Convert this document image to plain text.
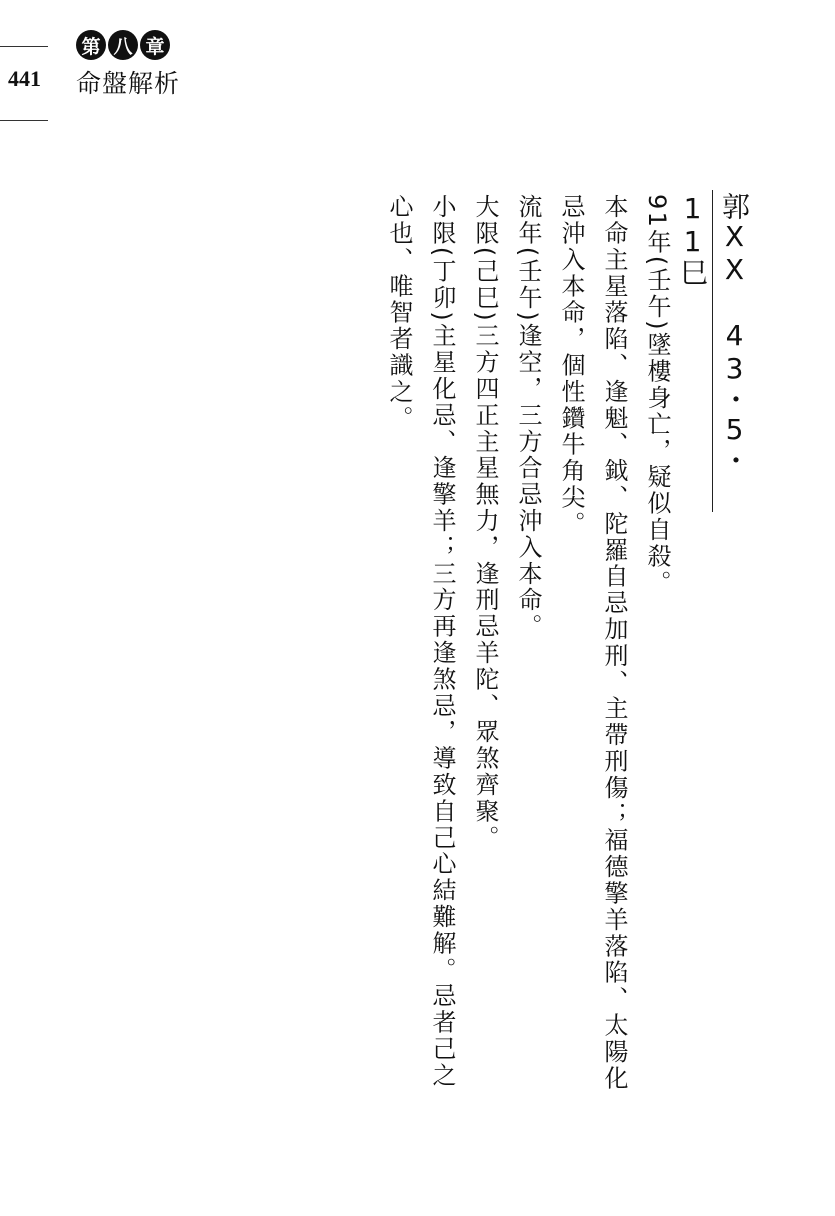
441
第 八 章
命盤解析
郭XX 43・5・11巳

91年(壬午)墜樓身亡，疑似自殺。

本命主星落陷、逢魁、鉞、陀羅自忌加刑、主帶刑傷；福德擎羊落陷、太陽化忌沖入本命，個性鑽牛角尖。

流年(壬午)逢空，三方合忌沖入本命。

大限(己巳)三方四正主星無力，逢刑忌羊陀、眾煞齊聚。

小限(丁卯)主星化忌、逢擎羊；三方再逢煞忌，導致自己心結難解。忌者己之心也、唯智者識之。
